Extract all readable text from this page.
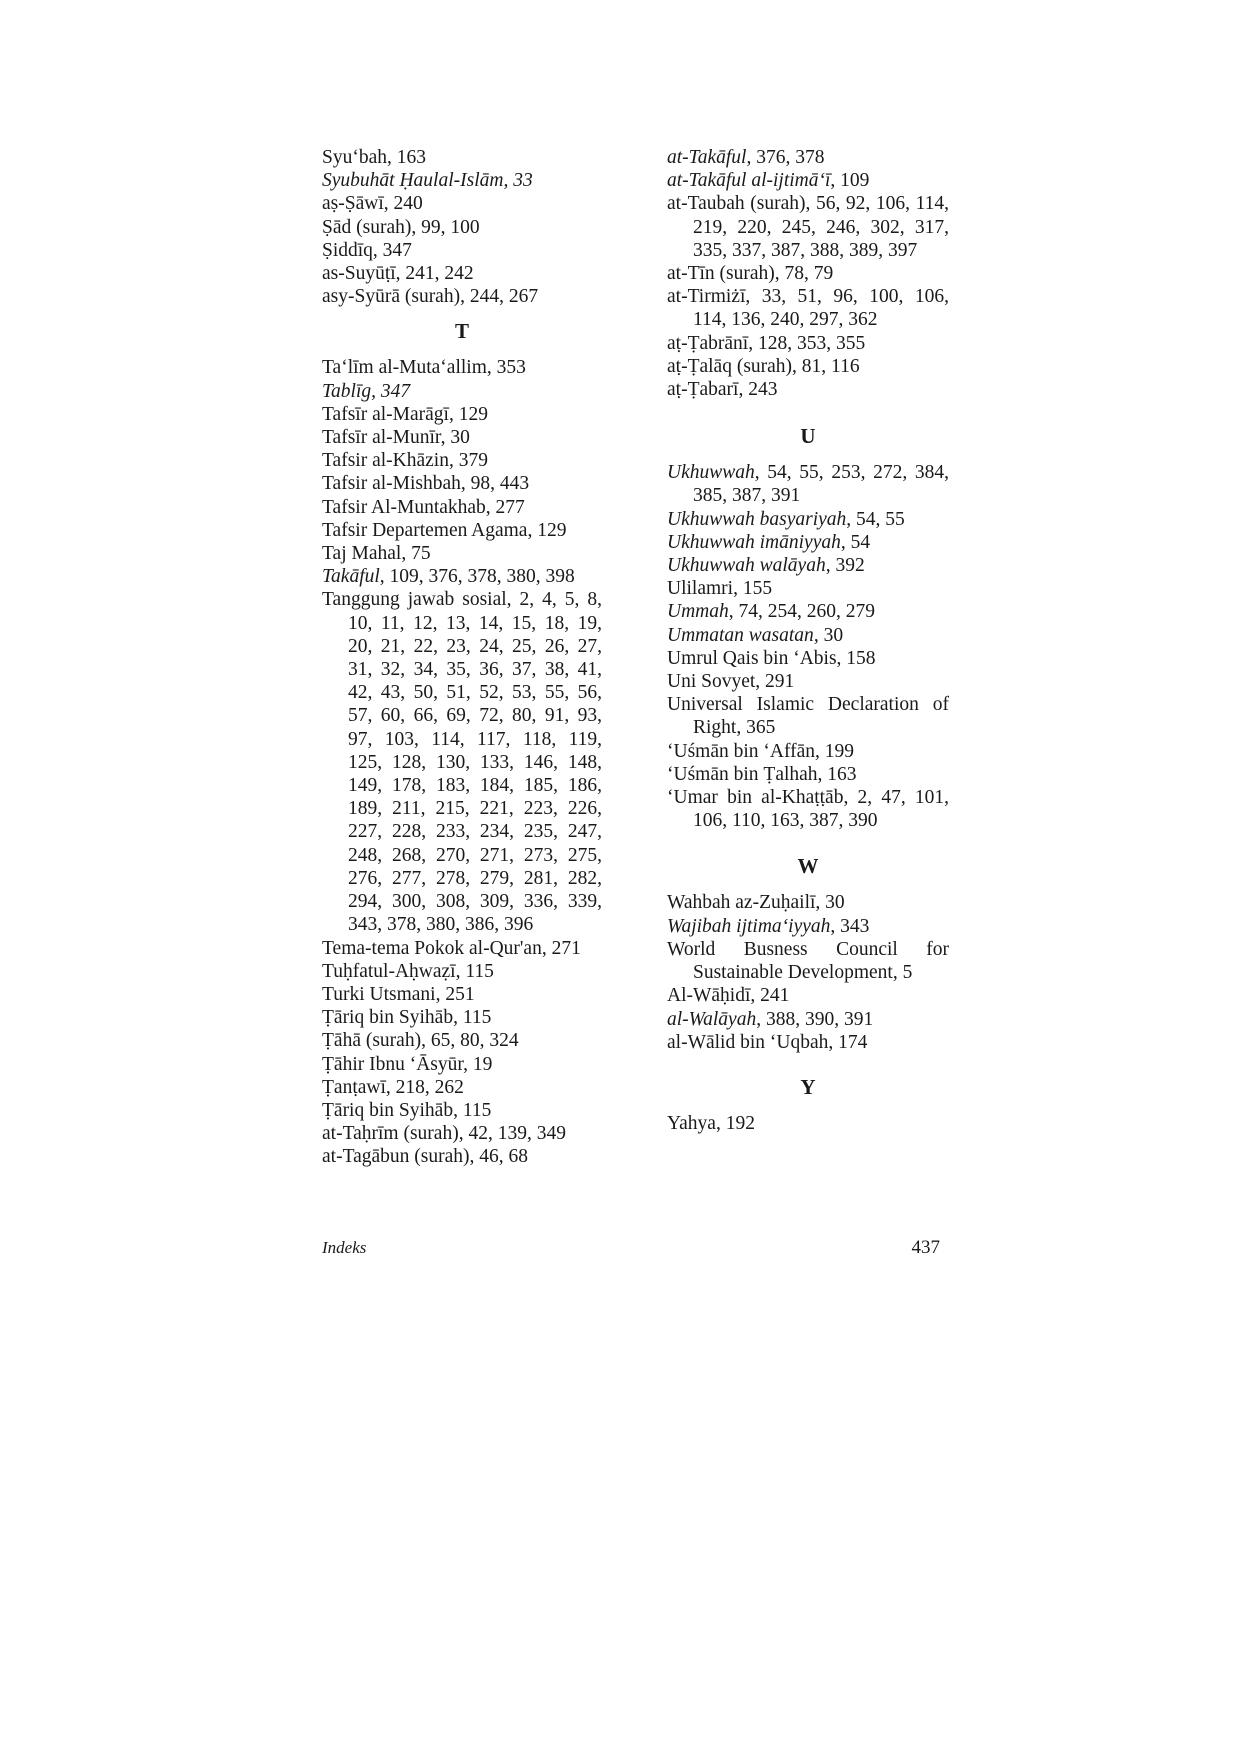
Syu‘bah, 163

Syubuhāt Ḥaulal-Islām, 33

aṣ-Ṣāwī, 240

Ṣād (surah), 99, 100

Ṣiddīq, 347

as-Suyūṭī, 241, 242

asy-Syūrā (surah), 244, 267

T

Ta‘līm al-Muta‘allim, 353

Tablīg, 347

Tafsīr al-Marāgī, 129

Tafsīr al-Munīr, 30

Tafsir al-Khāzin, 379

Tafsir al-Mishbah, 98, 443

Tafsir Al-Muntakhab, 277

Tafsir Departemen Agama, 129

Taj Mahal, 75

Takāful, 109, 376, 378, 380, 398

Tanggung jawab sosial, 2, 4, 5, 8, 10, 11, 12, 13, 14, 15, 18, 19, 20, 21, 22, 23, 24, 25, 26, 27, 31, 32, 34, 35, 36, 37, 38, 41, 42, 43, 50, 51, 52, 53, 55, 56, 57, 60, 66, 69, 72, 80, 91, 93, 97, 103, 114, 117, 118, 119, 125, 128, 130, 133, 146, 148, 149, 178, 183, 184, 185, 186, 189, 211, 215, 221, 223, 226, 227, 228, 233, 234, 235, 247, 248, 268, 270, 271, 273, 275, 276, 277, 278, 279, 281, 282, 294, 300, 308, 309, 336, 339, 343, 378, 380, 386, 396

Tema-tema Pokok al-Qur'an, 271

Tuḥfatul-Aḥwaẓī, 115

Turki Utsmani, 251

Ṭāriq bin Syihāb, 115

Ṭāhā (surah), 65, 80, 324

Ṭāhir Ibnu ‘Āsyūr, 19

Ṭanṭawī, 218, 262

Ṭāriq bin Syihāb, 115

at-Taḥrīm (surah), 42, 139, 349

at-Tagābun (surah), 46, 68

at-Takāful, 376, 378

at-Takāful al-ijtimā‘ī, 109

at-Taubah (surah), 56, 92, 106, 114, 219, 220, 245, 246, 302, 317, 335, 337, 387, 388, 389, 397

at-Tīn (surah), 78, 79

at-Tirmiżī, 33, 51, 96, 100, 106, 114, 136, 240, 297, 362

aṭ-Ṭabrānī, 128, 353, 355

aṭ-Ṭalāq (surah), 81, 116

aṭ-Ṭabarī, 243

U

Ukhuwwah, 54, 55, 253, 272, 384, 385, 387, 391

Ukhuwwah basyariyah, 54, 55

Ukhuwwah imāniyyah, 54

Ukhuwwah walāyah, 392

Ulilamri, 155

Ummah, 74, 254, 260, 279

Ummatan wasatan, 30

Umrul Qais bin ‘Abis, 158

Uni Sovyet, 291

Universal Islamic Declaration of Right, 365

‘Uśmān bin ‘Affān, 199

‘Uśmān bin Ṭalhah, 163

‘Umar bin al-Khaṭṭāb, 2, 47, 101, 106, 110, 163, 387, 390

W

Wahbah az-Zuḥailī, 30

Wajibah ijtima‘iyyah, 343

World Busness Council for Sustainable Development, 5

Al-Wāḥidī, 241

al-Walāyah, 388, 390, 391

al-Wālid bin ‘Uqbah, 174

Y

Yahya, 192

Indeks	437
